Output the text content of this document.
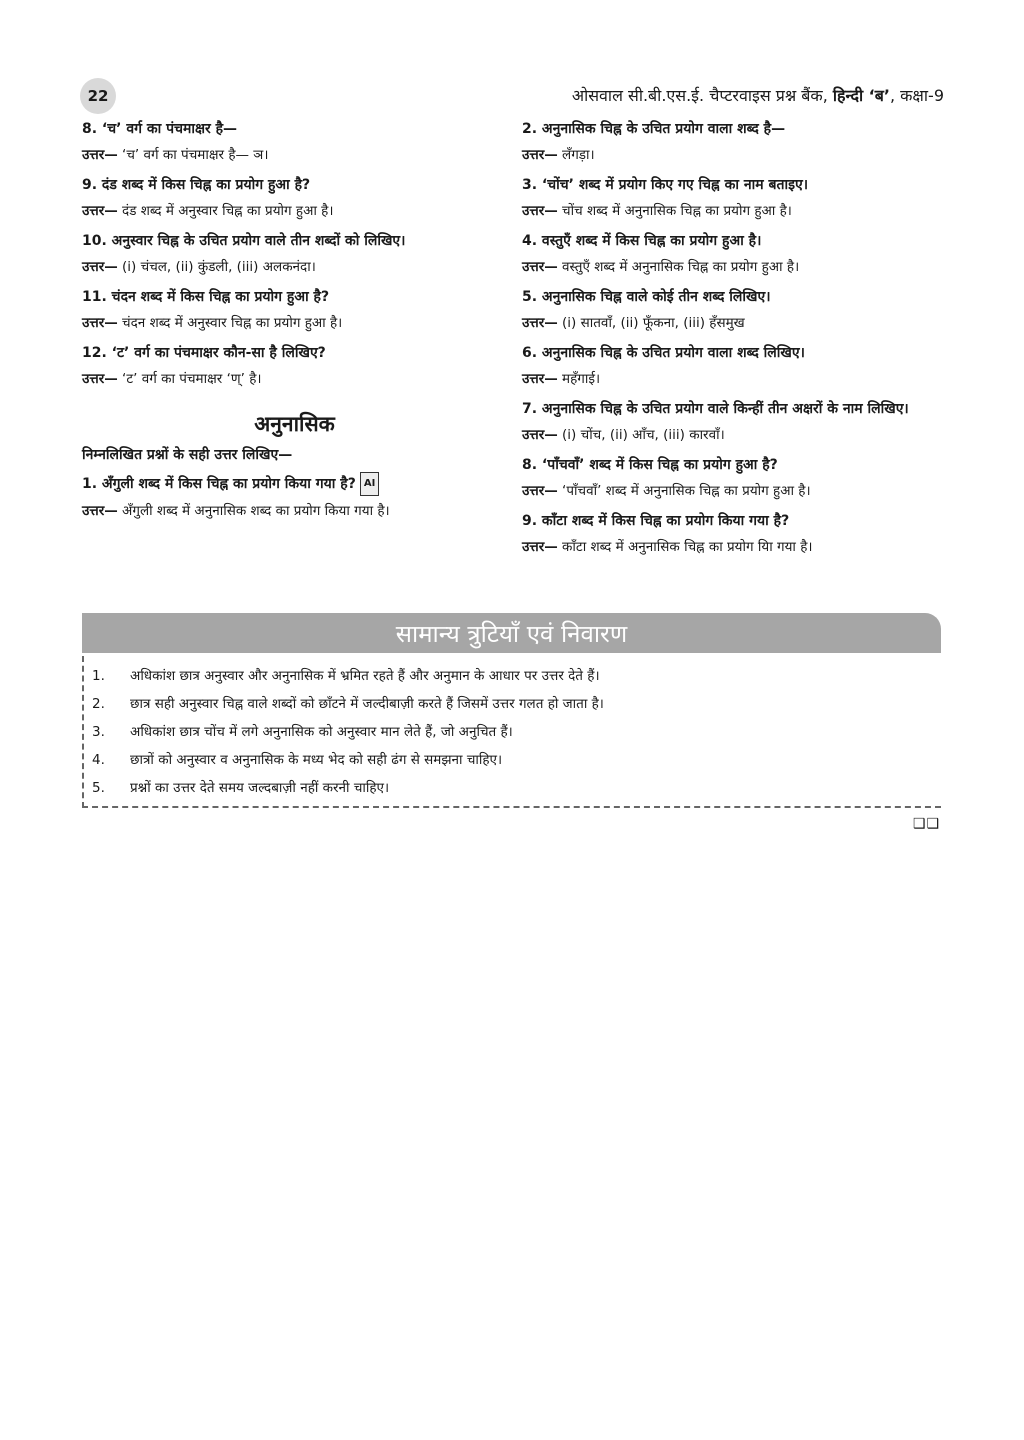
22	ओसवाल सी.बी.एस.ई. चैप्टरवाइस प्रश्न बैंक, हिन्दी ‘ब’, कक्षा-9

8. ‘च’ वर्ग का पंचमाक्षर है—

उत्तर— ‘च’ वर्ग का पंचमाक्षर है— ञ।

9. दंड शब्द में किस चिह्न का प्रयोग हुआ है?

उत्तर— दंड शब्द में अनुस्वार चिह्न का प्रयोग हुआ है।

10. अनुस्वार चिह्न के उचित प्रयोग वाले तीन शब्दों को लिखिए।

उत्तर— (i) चंचल, (ii) कुंडली, (iii) अलकनंदा।

11. चंदन शब्द में किस चिह्न का प्रयोग हुआ है?

उत्तर— चंदन शब्द में अनुस्वार चिह्न का प्रयोग हुआ है।

12. ‘ट’ वर्ग का पंचमाक्षर कौन-सा है लिखिए?

उत्तर— ‘ट’ वर्ग का पंचमाक्षर ‘ण्’ है।

अनुनासिक

निम्नलिखित प्रश्नों के सही उत्तर लिखिए—

1. अँगुली शब्द में किस चिह्न का प्रयोग किया गया है? AI

उत्तर— अँगुली शब्द में अनुनासिक शब्द का प्रयोग किया गया है।

2. अनुनासिक चिह्न के उचित प्रयोग वाला शब्द है—

उत्तर— लँगड़ा।

3. ‘चोंच’ शब्द में प्रयोग किए गए चिह्न का नाम बताइए।

उत्तर— चोंच शब्द में अनुनासिक चिह्न का प्रयोग हुआ है।

4. वस्तुएँ शब्द में किस चिह्न का प्रयोग हुआ है।

उत्तर— वस्तुएँ शब्द में अनुनासिक चिह्न का प्रयोग हुआ है।

5. अनुनासिक चिह्न वाले कोई तीन शब्द लिखिए।

उत्तर— (i) सातवाँ, (ii) फूँकना, (iii) हँसमुख

6. अनुनासिक चिह्न के उचित प्रयोग वाला शब्द लिखिए।

उत्तर— महँगाई।

7. अनुनासिक चिह्न के उचित प्रयोग वाले किन्हीं तीन अक्षरों के नाम लिखिए।

उत्तर— (i) चोंच, (ii) आँच, (iii) कारवाँ।

8. ‘पाँचवाँ’ शब्द में किस चिह्न का प्रयोग हुआ है?

उत्तर— ‘पाँचवाँ’ शब्द में अनुनासिक चिह्न का प्रयोग हुआ है।

9. काँटा शब्द में किस चिह्न का प्रयोग किया गया है?

उत्तर— काँटा शब्द में अनुनासिक चिह्न का प्रयोग यिा गया है।

सामान्य त्रुटियाँ एवं निवारण
1.	अधिकांश छात्र अनुस्वार और अनुनासिक में भ्रमित रहते हैं और अनुमान के आधार पर उत्तर देते हैं।
2.	छात्र सही अनुस्वार चिह्न वाले शब्दों को छाँटने में जल्दीबाज़ी करते हैं जिसमें उत्तर गलत हो जाता है।
3.	अधिकांश छात्र चोंच में लगे अनुनासिक को अनुस्वार मान लेते हैं, जो अनुचित हैं।
4.	छात्रों को अनुस्वार व अनुनासिक के मध्य भेद को सही ढंग से समझना चाहिए।
5.	प्रश्नों का उत्तर देते समय जल्दबाज़ी नहीं करनी चाहिए।
❑❑
